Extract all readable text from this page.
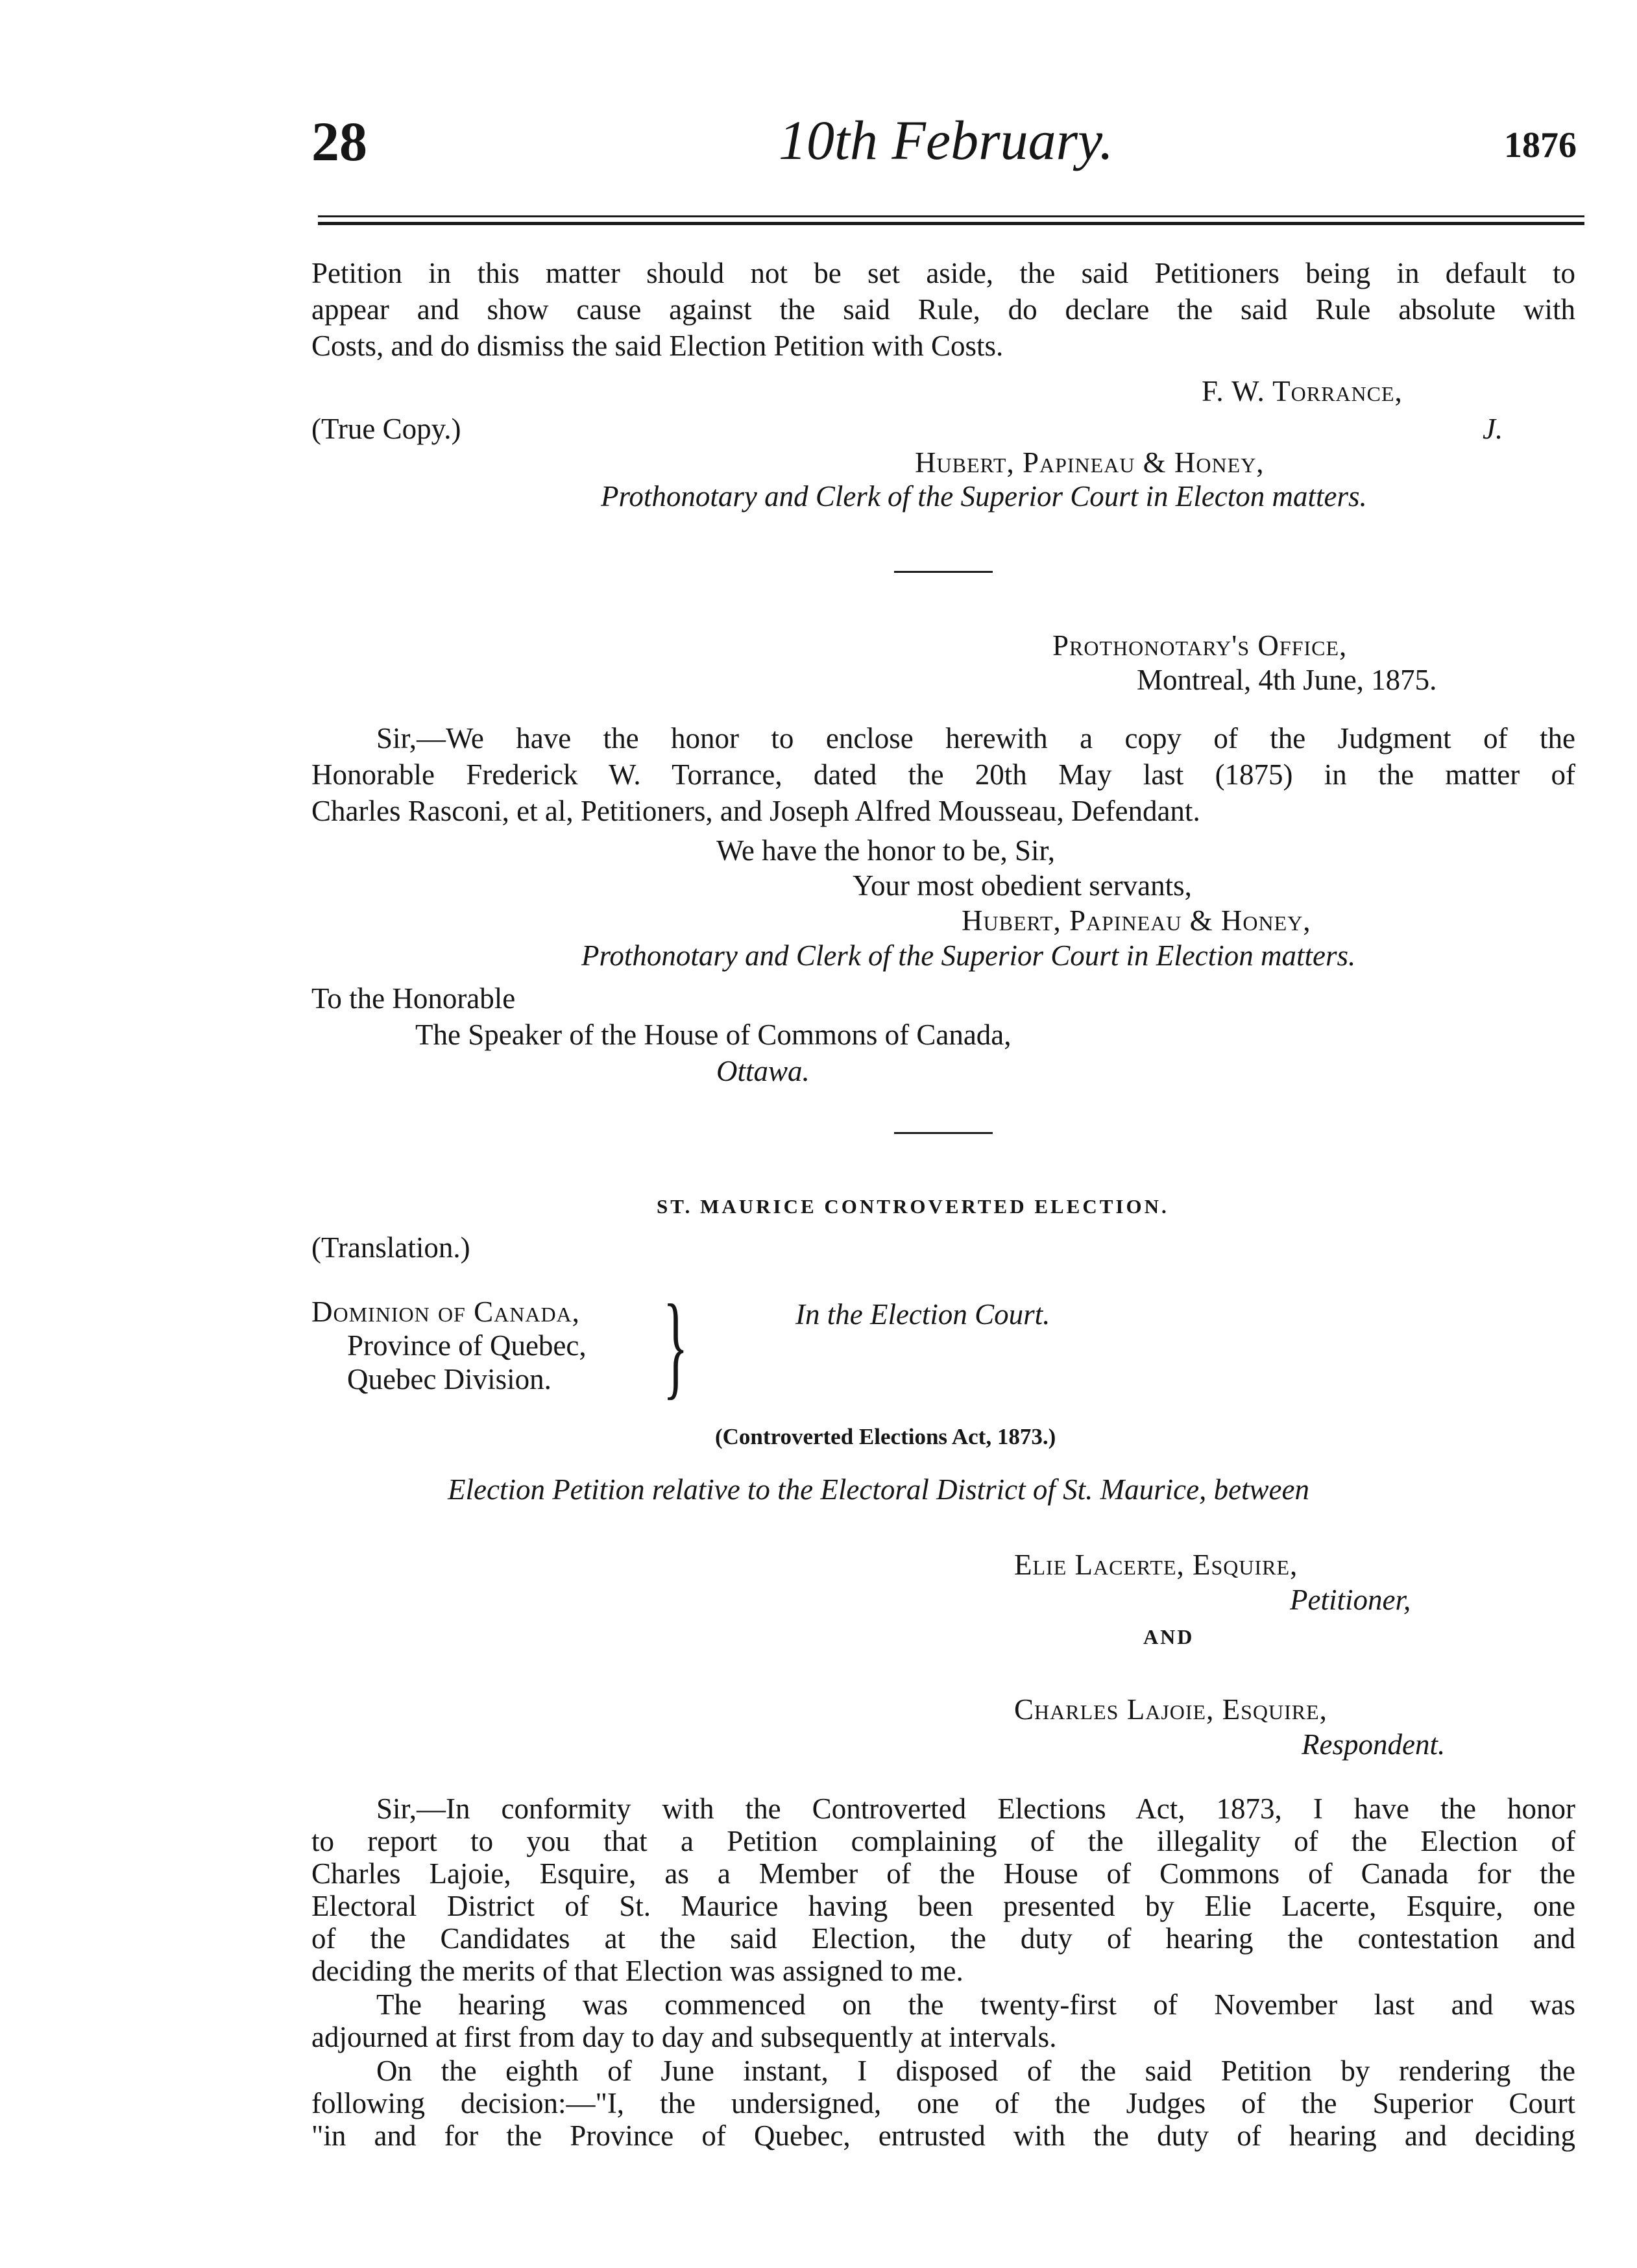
28	10th February.	1876
Petition in this matter should not be set aside, the said Petitioners being in default to
appear and show cause against the said Rule, do declare the said Rule absolute with
Costs, and do dismiss the said Election Petition with Costs.
F. W. Torrance,
(True Copy.)	J.
Hubert, Papineau & Honey,
Prothonotary and Clerk of the Superior Court in Electon matters.
Prothonotary's Office,
Montreal, 4th June, 1875.
Sir,—We have the honor to enclose herewith a copy of the Judgment of the
Honorable Frederick W. Torrance, dated the 20th May last (1875) in the matter of
Charles Rasconi, et al, Petitioners, and Joseph Alfred Mousseau, Defendant.
We have the honor to be, Sir,
Your most obedient servants,
Hubert, Papineau & Honey,
Prothonotary and Clerk of the Superior Court in Election matters.
To the Honorable
The Speaker of the House of Commons of Canada,
Ottawa.
ST. MAURICE CONTROVERTED ELECTION.
(Translation.)
Dominion of Canada,
Province of Quebec,
Quebec Division. }	In the Election Court.
(Controverted Elections Act, 1873.)
Election Petition relative to the Electoral District of St. Maurice, between
Elie Lacerte, Esquire,
Petitioner,
AND
Charles Lajoie, Esquire,
Respondent.
Sir,—In conformity with the Controverted Elections Act, 1873, I have the honor
to report to you that a Petition complaining of the illegality of the Election of
Charles Lajoie, Esquire, as a Member of the House of Commons of Canada for the
Electoral District of St. Maurice having been presented by Elie Lacerte, Esquire, one
of the Candidates at the said Election, the duty of hearing the contestation and
deciding the merits of that Election was assigned to me.
The hearing was commenced on the twenty-first of November last and was
adjourned at first from day to day and subsequently at intervals.
On the eighth of June instant, I disposed of the said Petition by rendering the
following decision:—"I, the undersigned, one of the Judges of the Superior Court
"in and for the Province of Quebec, entrusted with the duty of hearing and deciding
